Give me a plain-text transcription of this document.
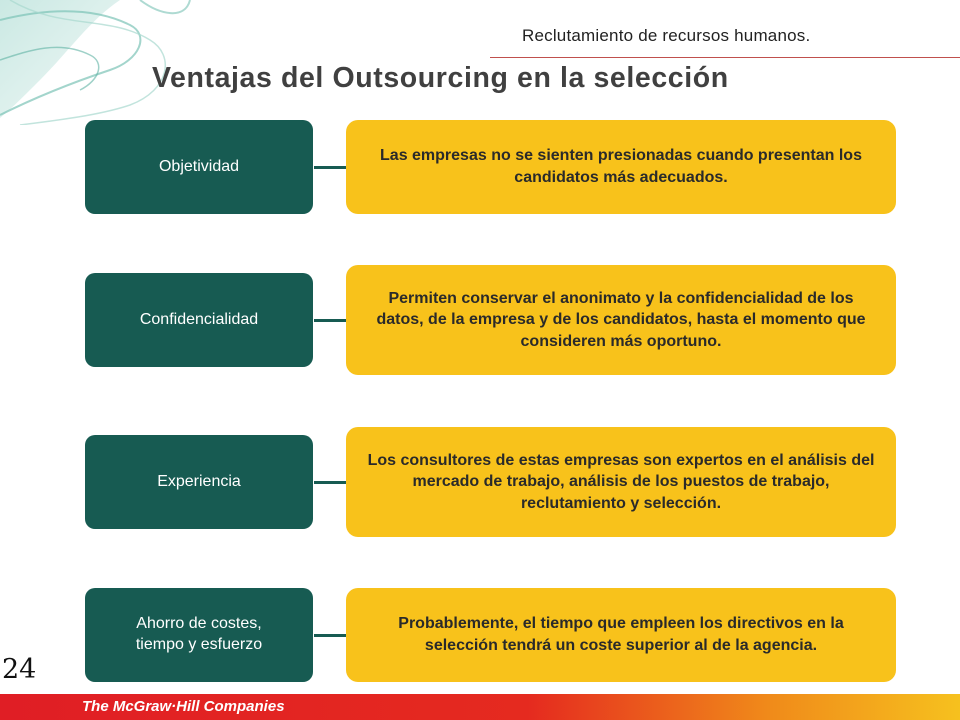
Reclutamiento de recursos humanos.
Ventajas del Outsourcing en la selección
Objetividad
Las empresas no se sienten presionadas cuando presentan los candidatos más adecuados.
Confidencialidad
Permiten conservar el anonimato y la confidencialidad de los datos, de la empresa y de los candidatos, hasta el momento que consideren más oportuno.
Experiencia
Los consultores de estas empresas son expertos en el análisis del mercado de trabajo, análisis de los puestos de trabajo, reclutamiento y selección.
Ahorro de costes, tiempo y esfuerzo
Probablemente, el tiempo que empleen los directivos en la selección tendrá un coste superior al de la agencia.
24
The McGraw·Hill Companies
